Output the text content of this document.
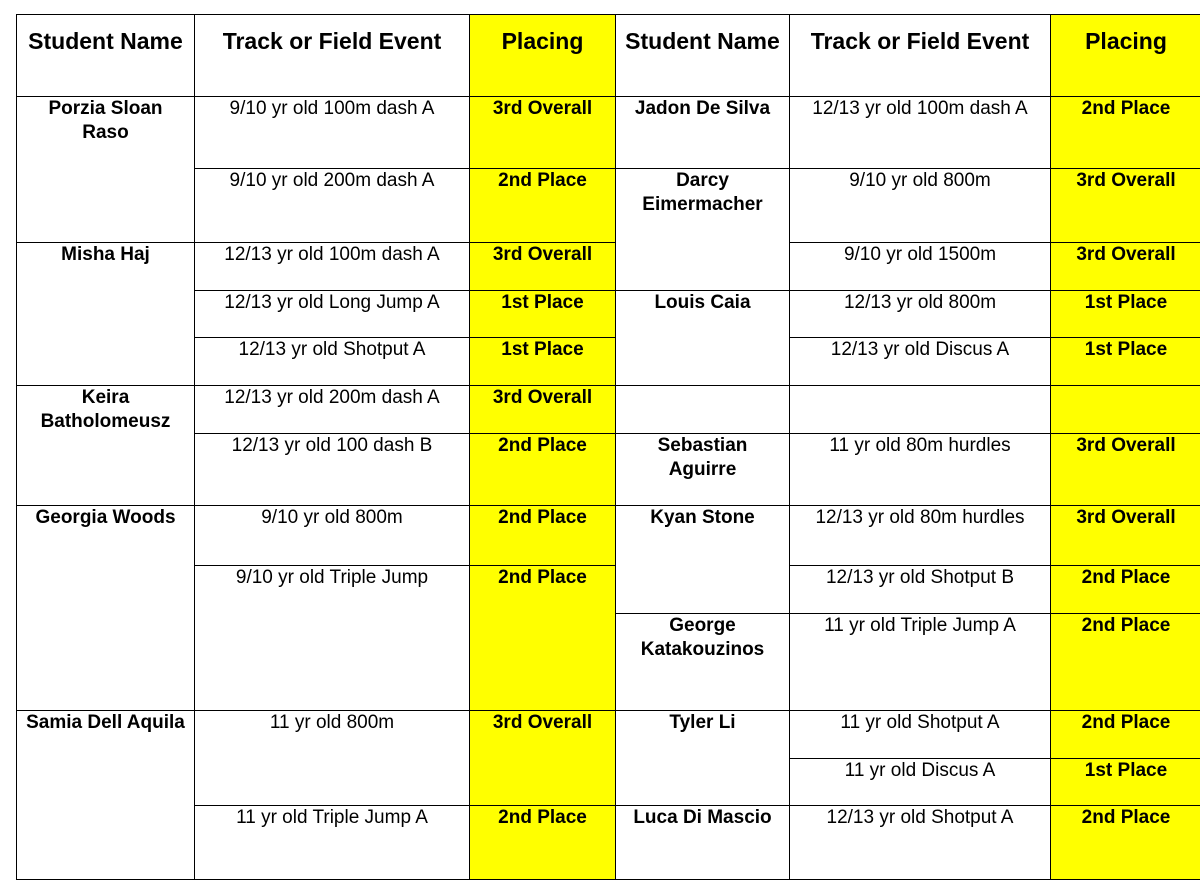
Student Name	Track or Field Event	Placing	Student Name	Track or Field Event	Placing
Porzia Sloan Raso	9/10 yr old 100m dash A	3rd Overall	Jadon De Silva	12/13 yr old 100m dash A	2nd Place
	9/10 yr old 200m dash A	2nd Place	Darcy Eimermacher	9/10 yr old 800m	3rd Overall
Misha Haj	12/13 yr old 100m dash A	3rd Overall		9/10 yr old 1500m	3rd Overall
	12/13 yr old Long Jump A	1st Place	Louis Caia	12/13 yr old 800m	1st Place
	12/13 yr old Shotput A	1st Place		12/13 yr old Discus A	1st Place
Keira Batholomeusz	12/13 yr old 200m dash A	3rd Overall			
	12/13 yr old 100 dash B	2nd Place	Sebastian Aguirre	11 yr old 80m hurdles	3rd Overall
Georgia Woods	9/10 yr old 800m	2nd Place	Kyan Stone	12/13 yr old 80m hurdles	3rd Overall
	9/10 yr old Triple Jump	2nd Place		12/13 yr old Shotput B	2nd Place
			George Katakouzinos	11 yr old Triple Jump A	2nd Place
Samia Dell Aquila	11 yr old 800m	3rd Overall	Tyler Li	11 yr old Shotput A	2nd Place
				11 yr old Discus A	1st Place
	11 yr old Triple Jump A	2nd Place	Luca Di Mascio	12/13 yr old Shotput A	2nd Place
